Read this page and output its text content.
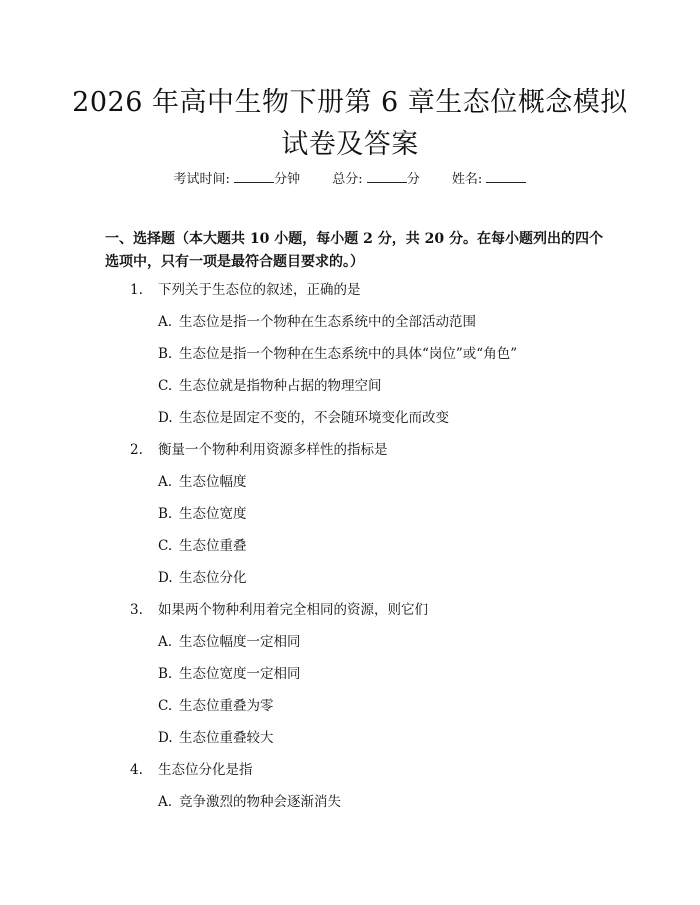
2026 年高中生物下册第 6 章生态位概念模拟试卷及答案
考试时间:	分钟 总分:	分 姓名:
一、选择题（本大题共 10 小题，每小题 2 分，共 20 分。在每小题列出的四个选项中，只有一项是最符合题目要求的。）
1. 下列关于生态位的叙述，正确的是
A. 生态位是指一个物种在生态系统中的全部活动范围
B. 生态位是指一个物种在生态系统中的具体“岗位”或“角色”
C. 生态位就是指物种占据的物理空间
D. 生态位是固定不变的，不会随环境变化而改变
2. 衡量一个物种利用资源多样性的指标是
A. 生态位幅度
B. 生态位宽度
C. 生态位重叠
D. 生态位分化
3. 如果两个物种利用着完全相同的资源，则它们
A. 生态位幅度一定相同
B. 生态位宽度一定相同
C. 生态位重叠为零
D. 生态位重叠较大
4. 生态位分化是指
A. 竞争激烈的物种会逐渐消失
